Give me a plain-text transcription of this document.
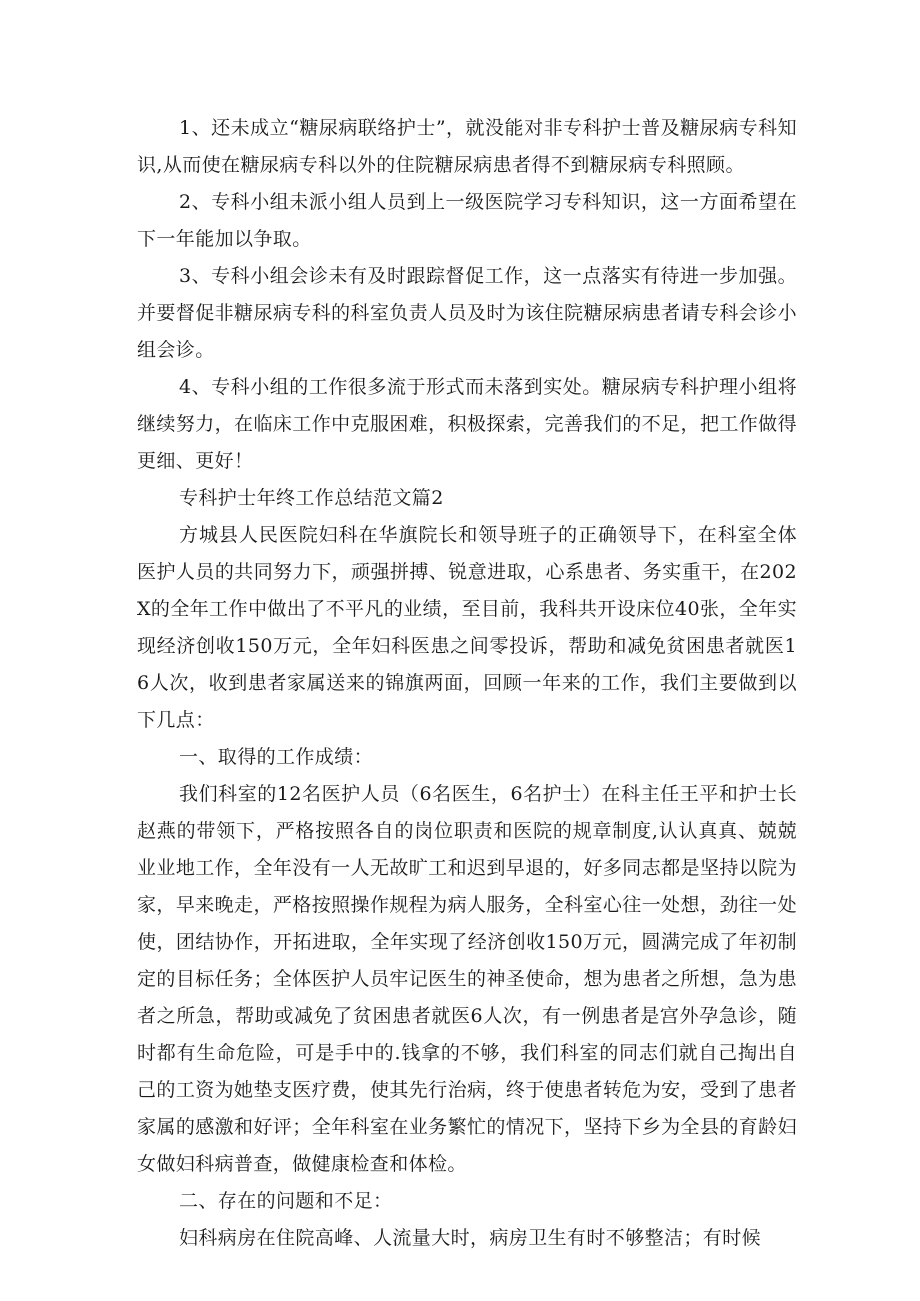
1、还未成立“糖尿病联络护士”，就没能对非专科护士普及糖尿病专科知识,从而使在糖尿病专科以外的住院糖尿病患者得不到糖尿病专科照顾。

2、专科小组未派小组人员到上一级医院学习专科知识，这一方面希望在下一年能加以争取。

3、专科小组会诊未有及时跟踪督促工作，这一点落实有待进一步加强。并要督促非糖尿病专科的科室负责人员及时为该住院糖尿病患者请专科会诊小组会诊。

4、专科小组的工作很多流于形式而未落到实处。糖尿病专科护理小组将继续努力，在临床工作中克服困难，积极探索，完善我们的不足，把工作做得更细、更好！

专科护士年终工作总结范文篇2

方城县人民医院妇科在华旗院长和领导班子的正确领导下，在科室全体医护人员的共同努力下，顽强拼搏、锐意进取，心系患者、务实重干，在202X的全年工作中做出了不平凡的业绩，至目前，我科共开设床位40张，全年实现经济创收150万元，全年妇科医患之间零投诉，帮助和减免贫困患者就医16人次，收到患者家属送来的锦旗两面，回顾一年来的工作，我们主要做到以下几点：

一、取得的工作成绩：

我们科室的12名医护人员（6名医生，6名护士）在科主任王平和护士长赵燕的带领下，严格按照各自的岗位职责和医院的规章制度,认认真真、兢兢业业地工作，全年没有一人无故旷工和迟到早退的，好多同志都是坚持以院为家，早来晚走，严格按照操作规程为病人服务，全科室心往一处想，劲往一处使，团结协作，开拓进取，全年实现了经济创收150万元，圆满完成了年初制定的目标任务；全体医护人员牢记医生的神圣使命，想为患者之所想，急为患者之所急，帮助或减免了贫困患者就医6人次，有一例患者是宫外孕急诊，随时都有生命危险，可是手中的.钱拿的不够，我们科室的同志们就自己掏出自己的工资为她垫支医疗费，使其先行治病，终于使患者转危为安，受到了患者家属的感激和好评；全年科室在业务繁忙的情况下，坚持下乡为全县的育龄妇女做妇科病普查，做健康检查和体检。

二、存在的问题和不足：

妇科病房在住院高峰、人流量大时，病房卫生有时不够整洁；有时候
